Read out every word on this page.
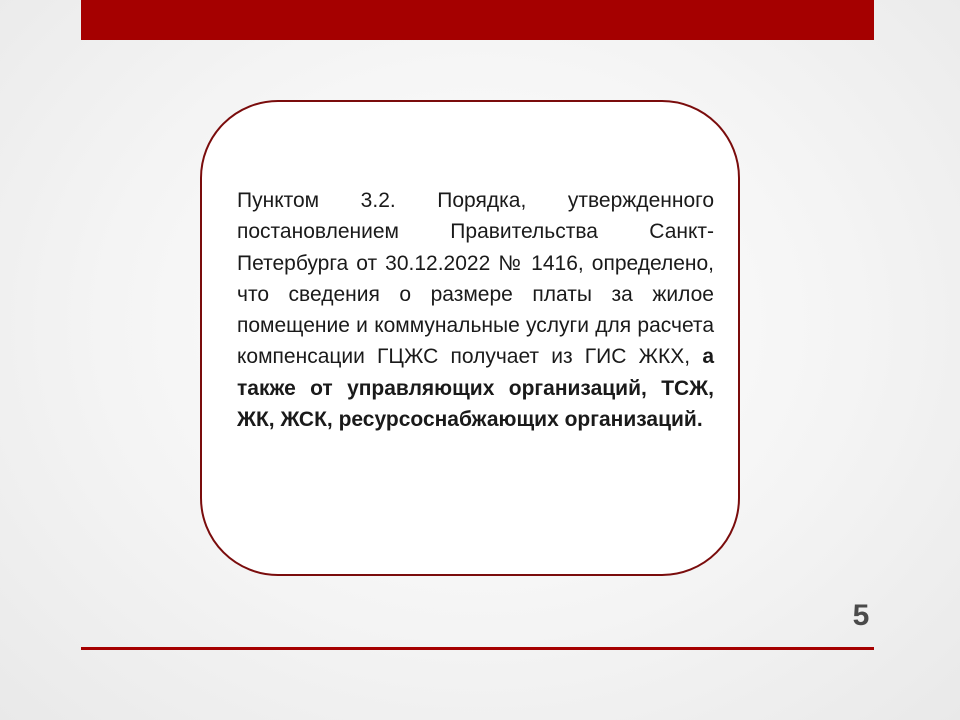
Пунктом 3.2. Порядка, утвержденного постановлением Правительства Санкт-Петербурга от 30.12.2022 № 1416, определено, что сведения о размере платы за жилое помещение и коммунальные услуги для расчета компенсации ГЦЖС получает из ГИС ЖКХ, а также от управляющих организаций, ТСЖ, ЖК, ЖСК, ресурсоснабжающих организаций.

5
